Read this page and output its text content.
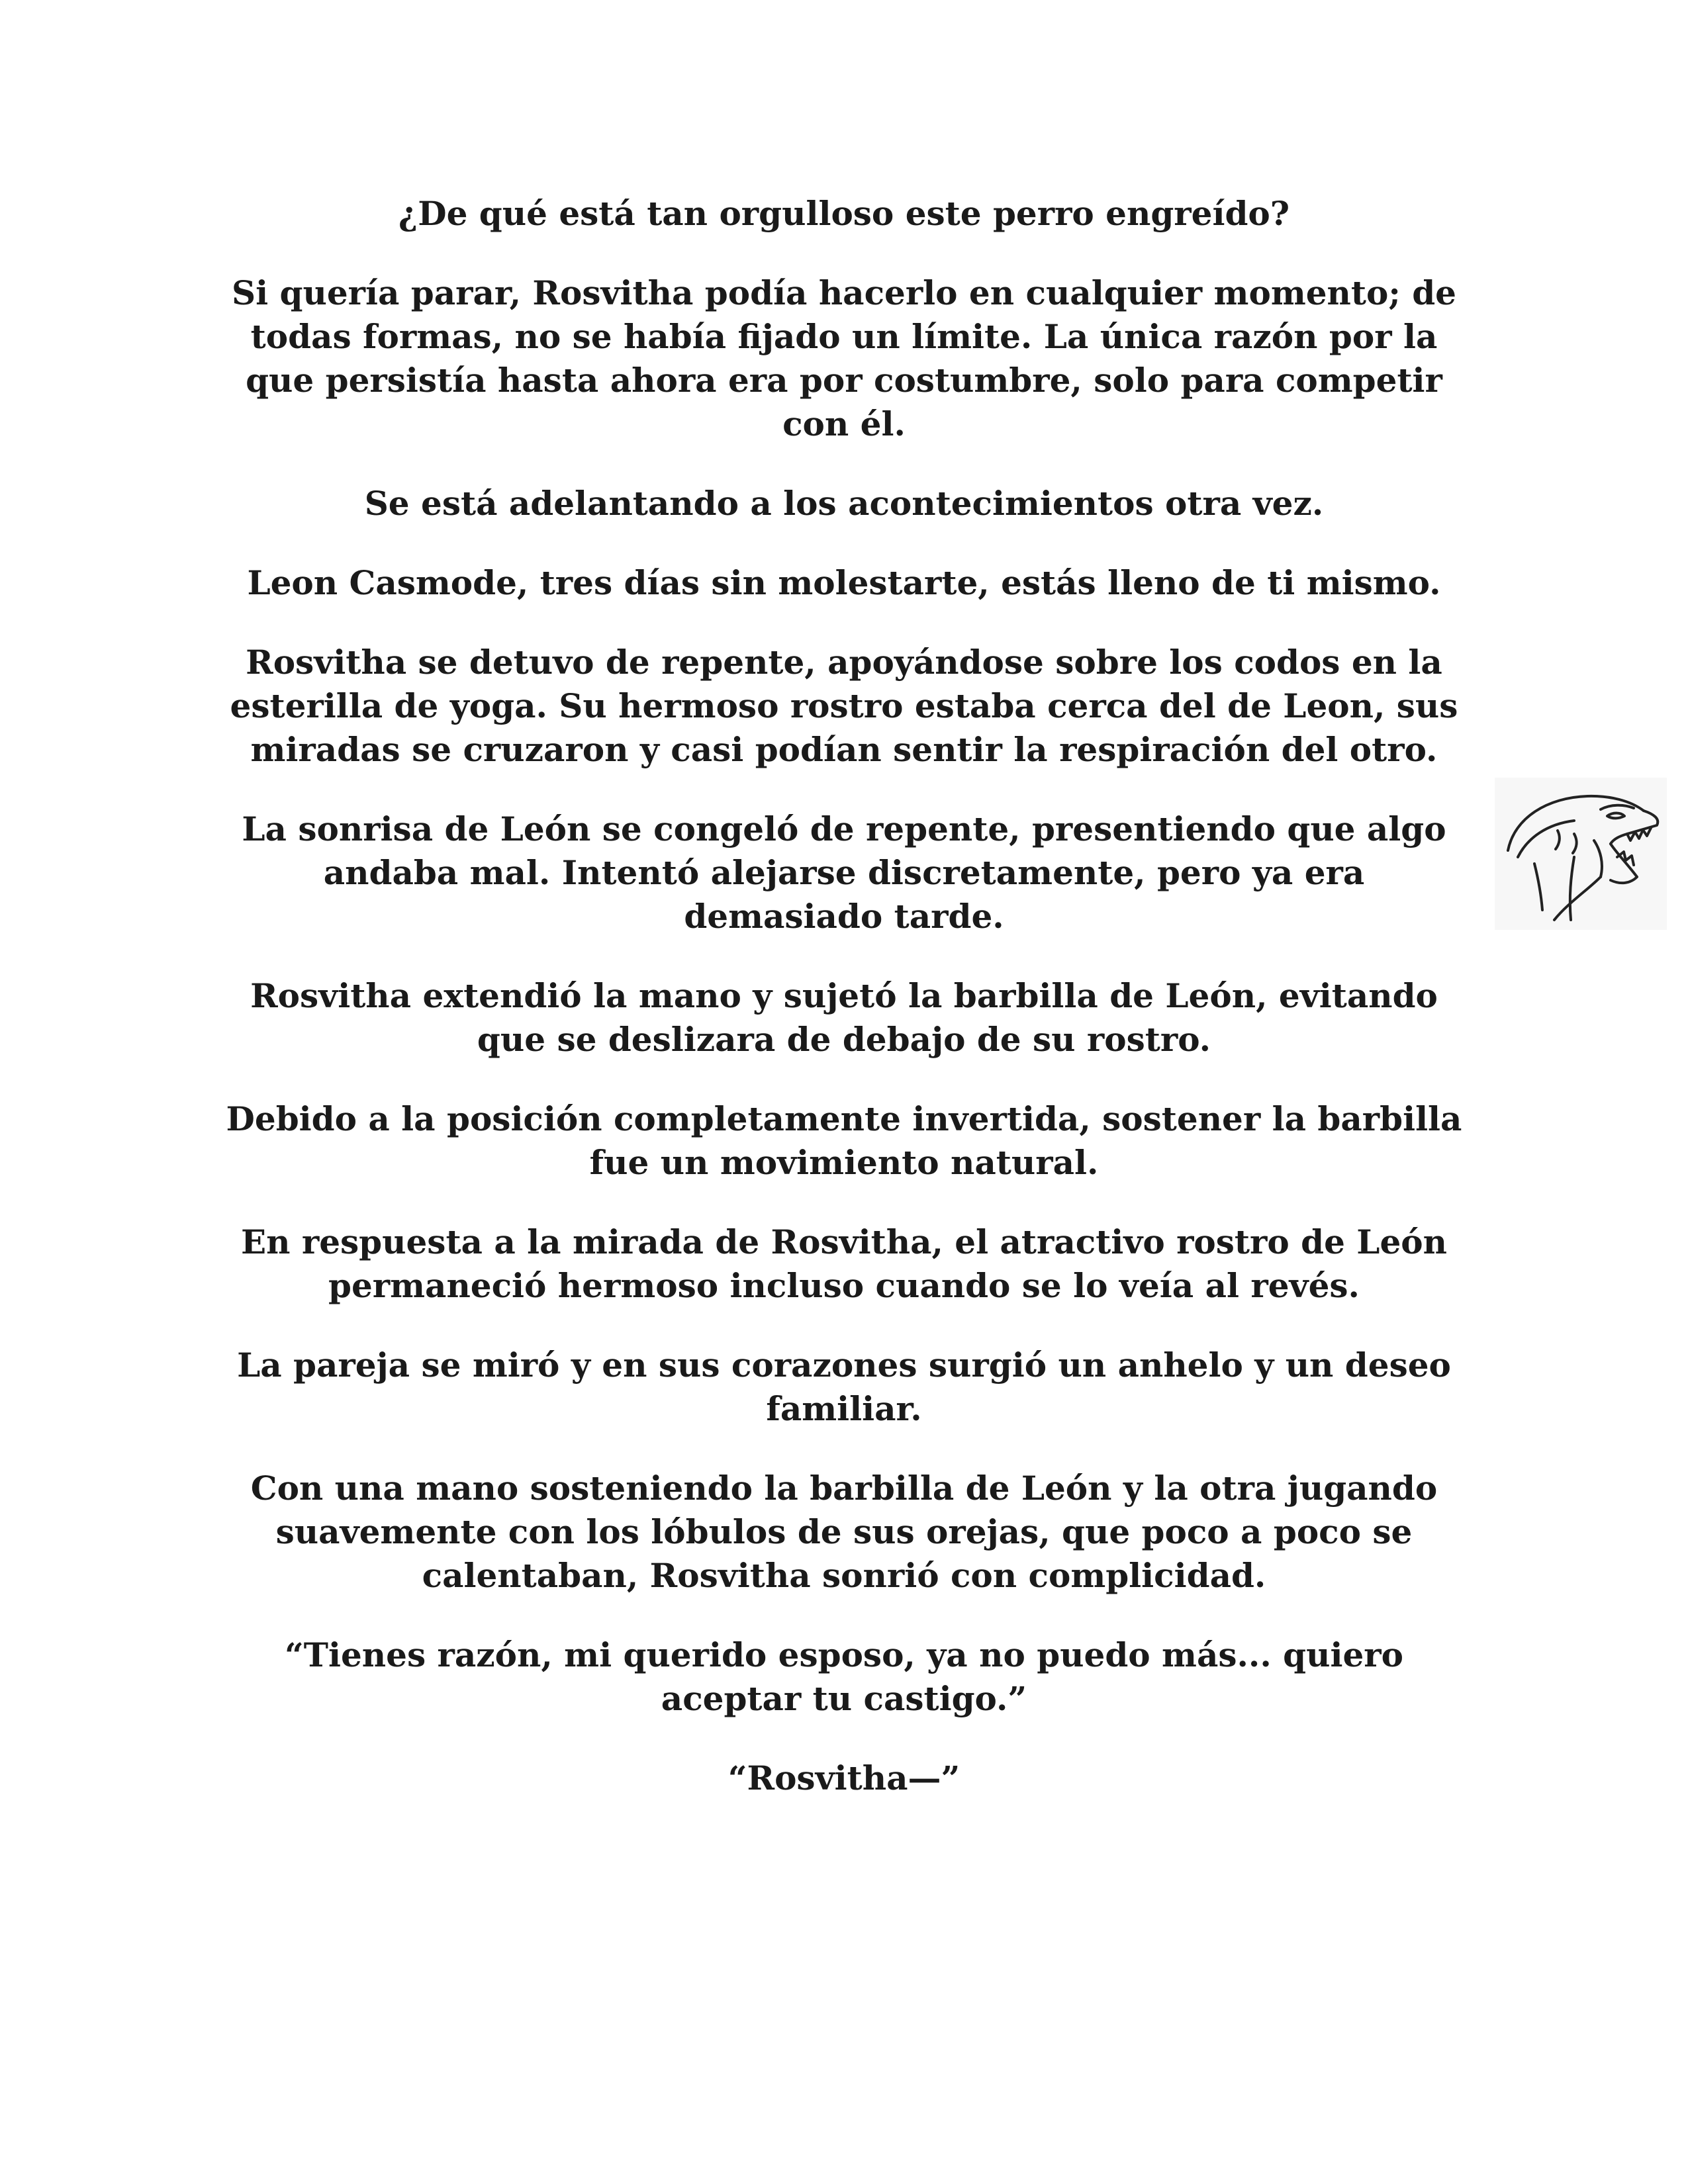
¿De qué está tan orgulloso este perro engreído?

Si quería parar, Rosvitha podía hacerlo en cualquier momento; de todas formas, no se había fijado un límite. La única razón por la que persistía hasta ahora era por costumbre, solo para competir con él.

Se está adelantando a los acontecimientos otra vez.

Leon Casmode, tres días sin molestarte, estás lleno de ti mismo.

Rosvitha se detuvo de repente, apoyándose sobre los codos en la esterilla de yoga. Su hermoso rostro estaba cerca del de Leon, sus miradas se cruzaron y casi podían sentir la respiración del otro.

La sonrisa de León se congeló de repente, presentiendo que algo andaba mal. Intentó alejarse discretamente, pero ya era demasiado tarde.

Rosvitha extendió la mano y sujetó la barbilla de León, evitando que se deslizara de debajo de su rostro.

Debido a la posición completamente invertida, sostener la barbilla fue un movimiento natural.

En respuesta a la mirada de Rosvitha, el atractivo rostro de León permaneció hermoso incluso cuando se lo veía al revés.

La pareja se miró y en sus corazones surgió un anhelo y un deseo familiar.

Con una mano sosteniendo la barbilla de León y la otra jugando suavemente con los lóbulos de sus orejas, que poco a poco se calentaban, Rosvitha sonrió con complicidad.

“Tienes razón, mi querido esposo, ya no puedo más... quiero aceptar tu castigo.”

“Rosvitha—”
